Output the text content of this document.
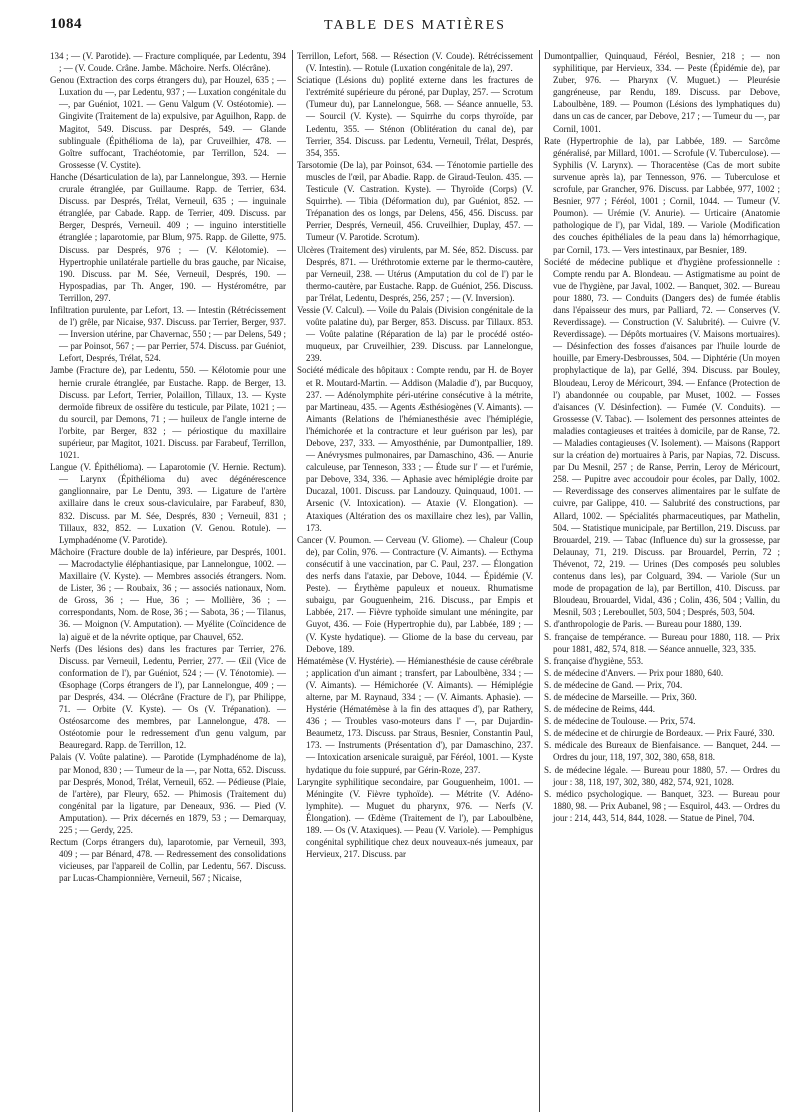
1084	TABLE DES MATIÈRES

134 ; — (V. Parotide). — Fracture compliquée, par Ledentu, 394 ; — (V. Coude. Crâne. Jambe. Mâchoire. Nerfs. Olécrâne).

Genou (Extraction des corps étrangers du), par Houzel, 635 ; — Luxation du —, par Ledentu, 937 ; — Luxation congénitale du —, par Guéniot, 1021. — Genu Valgum (V. Ostéotomie). — Gingivite (Traitement de la) expulsive, par Aguilhon, Rapp. de Magitot, 549. Discuss. par Després, 549. — Glande sublinguale (Épithélioma de la), par Cruveilhier, 478. — Goître suffocant, Trachéotomie, par Terrillon, 524. — Grossesse (V. Cystite).

Hanche (Désarticulation de la), par Lannelongue, 393. — Hernie crurale étranglée, par Guillaume. Rapp. de Terrier, 634. Discuss. par Després, Trélat, Verneuil, 635 ; — inguinale étranglée, par Cabade. Rapp. de Terrier, 409. Discuss. par Berger, Després, Verneuil. 409 ; — inguino interstitielle étranglée ; laparotomie, par Blum, 975. Rapp. de Gilette, 975. Discuss. par Després, 976 ; — (V. Kélotomie). — Hypertrophie unilatérale partielle du bras gauche, par Nicaise, 190. Discuss. par M. Sée, Verneuil, Després, 190. — Hypospadias, par Th. Anger, 190. — Hystérométre, par Terrillon, 297.

Infiltration purulente, par Lefort, 13. — Intestin (Rétrécissement de l') grêle, par Nicaise, 937. Discuss. par Terrier, Berger, 937. — Inversion utérine, par Chavernac, 550 ; — par Delens, 549 ; — par Poinsot, 567 ; — par Perrier, 574. Discuss. par Guéniot, Lefort, Després, Trélat, 524.

Jambe (Fracture de), par Ledentu, 550. — Kélotomie pour une hernie crurale étranglée, par Eustache. Rapp. de Berger, 13. Discuss. par Lefort, Terrier, Polaillon, Tillaux, 13. — Kyste dermoïde fibreux de ossifère du testicule, par Pilate, 1021 ; — du sourcil, par Demons, 71 ; — huileux de l'angle interne de l'orbite, par Berger, 832 ; — périostique du maxillaire supérieur, par Magitot, 1021. Discuss. par Farabeuf, Terrillon, 1021.

Langue (V. Épithélioma). — Laparotomie (V. Hernie. Rectum). — Larynx (Épithélioma du) avec dégénérescence ganglionnaire, par Le Dentu, 393. — Ligature de l'artère axillaire dans le creux sous-claviculaire, par Farabeuf, 830, 832. Discuss. par M. Sée, Després, 830 ; Verneuil, 831 ; Tillaux, 832, 852. — Luxation (V. Genou. Rotule). — Lymphadénome (V. Parotide).

Mâchoire (Fracture double de la) inférieure, par Després, 1001. — Macrodactylie éléphantiasique, par Lannelongue, 1002. — Maxillaire (V. Kyste). — Membres associés étrangers. Nom. de Lister, 36 ; — Roubaix, 36 ; — associés nationaux, Nom. de Gross, 36 ; — Hue, 36 ; — Mollière, 36 ; — correspondants, Nom. de Rose, 36 ; — Sabota, 36 ; — Tilanus, 36. — Moignon (V. Amputation). — Myélite (Coïncidence de la) aiguë et de la névrite optique, par Chauvel, 652.

Nerfs (Des lésions des) dans les fractures par Terrier, 276. Discuss. par Verneuil, Ledentu, Perrier, 277. — Œil (Vice de conformation de l'), par Guéniot, 524 ; — (V. Ténotomie). — Œsophage (Corps étrangers de l'), par Lannelongue, 409 ; — par Després, 434. — Olécrâne (Fracture de l'), par Philippe, 71. — Orbite (V. Kyste). — Os (V. Trépanation). — Ostéosarcome des membres, par Lannelongue, 478. — Ostéotomie pour le redressement d'un genu valgum, par Beauregard. Rapp. de Terrillon, 12.

Palais (V. Voûte palatine). — Parotide (Lymphadénome de la), par Monod, 830 ; — Tumeur de la —, par Notta, 652. Discuss. par Després, Monod, Trélat, Verneuil, 652. — Pédieuse (Plaie, de l'artère), par Fleury, 652. — Phimosis (Traitement du) congénital par la ligature, par Deneaux, 936. — Pied (V. Amputation). — Prix décernés en 1879, 53 ; — Demarquay, 225 ; — Gerdy, 225.

Rectum (Corps étrangers du), laparotomie, par Verneuil, 393, 409 ; — par Bénard, 478. — Redressement des consolidations vicieuses, par l'appareil de Collin, par Ledentu, 567. Discuss. par Lucas-Championnière, Verneuil, 567 ; Nicaise,

Terrillon, Lefort, 568. — Résection (V. Coude). Rétrécissement (V. Intestin). — Rotule (Luxation congénitale de la), 297.

Sciatique (Lésions du) poplité externe dans les fractures de l'extrémité supérieure du péroné, par Duplay, 257. — Scrotum (Tumeur du), par Lannelongue, 568. — Séance annuelle, 53. — Sourcil (V. Kyste). — Squirrhe du corps thyroïde, par Ledentu, 355. — Sténon (Oblitération du canal de), par Terrier, 354. Discuss. par Ledentu, Verneuil, Trélat, Després, 354, 355.

Tarsotomie (De la), par Poinsot, 634. — Ténotomie partielle des muscles de l'œil, par Abadie. Rapp. de Giraud-Teulon. 435. — Testicule (V. Castration. Kyste). — Thyroïde (Corps) (V. Squirrhe). — Tibia (Déformation du), par Guéniot, 852. — Trépanation des os longs, par Delens, 456, 456. Discuss. par Perrier, Després, Verneuil, 456. Cruveilhier, Duplay, 457. — Tumeur (V. Parotide. Scrotum).

Ulcères (Traitement des) virulents, par M. Sée, 852. Discuss. par Després, 871. — Uréthrotomie externe par le thermo-cautère, par Verneuil, 238. — Utérus (Amputation du col de l') par le thermo-cautère, par Eustache. Rapp. de Guéniot, 256. Discuss. par Trélat, Ledentu, Després, 256, 257 ; — (V. Inversion).

Vessie (V. Calcul). — Voile du Palais (Division congénitale de la voûte palatine du), par Berger, 853. Discuss. par Tillaux. 853. — Voûte palatine (Réparation de la) par le procédé ostéo-muqueux, par Cruveilhier, 239. Discuss. par Lannelongue, 239.

Société médicale des hôpitaux : Compte rendu, par H. de Boyer et R. Moutard-Martin. — Addison (Maladie d'), par Bucquoy, 237. — Adénolymphite péri-utérine consécutive à la métrite, par Martineau, 435. — Agents Æsthésiogènes (V. Aimants). — Aimants (Relations de l'hémianesthésie avec l'hémiplégie, l'hémichorée et la contracture et leur guérison par les), par Debove, 237, 333. — Amyosthénie, par Dumontpallier, 189. — Anévrysmes pulmonaires, par Damaschino, 436. — Anurie calculeuse, par Tenneson, 333 ; — Étude sur l' — et l'urémie, par Debove, 334, 336. — Aphasie avec hémiplégie droite par Ducazal, 1001. Discuss. par Landouzy. Quinquaud, 1001. — Arsenic (V. Intoxication). — Ataxie (V. Elongation). — Ataxiques (Altération des os maxillaire chez les), par Vallin, 173.

Cancer (V. Poumon. — Cerveau (V. Gliome). — Chaleur (Coup de), par Colin, 976. — Contracture (V. Aimants). — Ecthyma consécutif à une vaccination, par C. Paul, 237. — Élongation des nerfs dans l'ataxie, par Debove, 1044. — Épidémie (V. Peste). — Érythème papuleux et noueux. Rhumatisme subaigu, par Gouguenheim, 216. Discuss., par Empis et Labbée, 217. — Fièvre typhoïde simulant une méningite, par Guyot, 436. — Foie (Hypertrophie du), par Labbée, 189 ; — (V. Kyste hydatique). — Gliome de la base du cerveau, par Debove, 189.

Hématémèse (V. Hystérie). — Hémianesthésie de cause cérébrale ; application d'un aimant ; transfert, par Laboulbène, 334 ; — (V. Aimants). — Hémichorée (V. Aimants). — Hémiplégie alterne, par M. Raynaud, 334 ; — (V. Aimants. Aphasie). — Hystérie (Hématémèse à la fin des attaques d'), par Rathery, 436 ; — Troubles vaso-moteurs dans l' —, par Dujardin-Beaumetz, 173. Discuss. par Straus, Besnier, Constantin Paul, 173. — Instruments (Présentation d'), par Damaschino, 237. — Intoxication arsenicale suraiguë, par Féréol, 1001. — Kyste hydatique du foie suppuré, par Gérin-Roze, 237.

Laryngite syphilitique secondaire, par Gouguenheim, 1001. — Méningite (V. Fièvre typhoïde). — Métrite (V. Adéno-lymphite). — Muguet du pharynx, 976. — Nerfs (V. Élongation). — Œdème (Traitement de l'), par Laboulbène, 189. — Os (V. Ataxiques). — Peau (V. Variole). — Pemphigus congénital syphilitique chez deux nouveaux-nés jumeaux, par Hervieux, 217. Discuss. par

Dumontpallier, Quinquaud, Féréol, Besnier, 218 ; — non syphilitique, par Hervieux, 334. — Peste (Épidémie de), par Zuber, 976. — Pharynx (V. Muguet.) — Pleurésie gangréneuse, par Rendu, 189. Discuss. par Debove, Laboulbène, 189. — Poumon (Lésions des lymphatiques du) dans un cas de cancer, par Debove, 217 ; — Tumeur du —, par Cornil, 1001.

Rate (Hypertrophie de la), par Labbée, 189. — Sarcôme généralisé, par Millard, 1001. — Scrofule (V. Tuberculose). — Syphilis (V. Larynx). — Thoracentèse (Cas de mort subite survenue après la), par Tennesson, 976. — Tuberculose et scrofule, par Grancher, 976. Discuss. par Labbée, 977, 1002 ; Besnier, 977 ; Féréol, 1001 ; Cornil, 1044. — Tumeur (V. Poumon). — Urémie (V. Anurie). — Urticaire (Anatomie pathologique de l'), par Vidal, 189. — Variole (Modification des couches épithéliales de la peau dans la) hémorrhagique, par Cornil, 173. — Vers intestinaux, par Besnier, 189.

Société de médecine publique et d'hygiène professionnelle : Compte rendu par A. Blondeau. — Astigmatisme au point de vue de l'hygiène, par Javal, 1002. — Banquet, 302. — Bureau pour 1880, 73. — Conduits (Dangers des) de fumée établis dans l'épaisseur des murs, par Palliard, 72. — Conserves (V. Reverdissage). — Construction (V. Salubrité). — Cuivre (V. Reverdissage). — Dépôts mortuaires (V. Maisons mortuaires). — Désinfection des fosses d'aisances par l'huile lourde de houille, par Emery-Desbrousses, 504. — Diphtérie (Un moyen prophylactique de la), par Gellé, 394. Discuss. par Bouley, Bloudeau, Leroy de Méricourt, 394. — Enfance (Protection de l') abandonnée ou coupable, par Muset, 1002. — Fosses d'aisances (V. Désinfection). — Fumée (V. Conduits). — Grossesse (V. Tabac). — Isolement des personnes atteintes de maladies contagieuses et traitées à domicile, par de Ranse, 72. — Maladies contagieuses (V. Isolement). — Maisons (Rapport sur la création de) mortuaires à Paris, par Napias, 72. Discuss. par Du Mesnil, 257 ; de Ranse, Perrin, Leroy de Méricourt, 258. — Pupitre avec accoudoir pour écoles, par Dally, 1002. — Reverdissage des conserves alimentaires par le sulfate de cuivre, par Galippe, 410. — Salubrité des constructions, par Allard, 1002. — Spécialités pharmaceutiques, par Mathelin, 504. — Statistique municipale, par Bertillon, 219. Discuss. par Brouardel, 219. — Tabac (Influence du) sur la grossesse, par Delaunay, 71, 219. Discuss. par Brouardel, Perrin, 72 ; Thévenot, 72, 219. — Urines (Des composés peu solubles contenus dans les), par Colguard, 394. — Variole (Sur un mode de propagation de la), par Bertillon, 410. Discuss. par Bloudeau, Brouardel, Vidal, 436 ; Colin, 436, 504 ; Vallin, du Mesnil, 503 ; Lereboullet, 503, 504 ; Després, 503, 504.

S. d'anthropologie de Paris. — Bureau pour 1880, 139.

S. française de tempérance. — Bureau pour 1880, 118. — Prix pour 1881, 482, 574, 818. — Séance annuelle, 323, 335.

S. française d'hygiène, 553.

S. de médecine d'Anvers. — Prix pour 1880, 640.

S. de médecine de Gand. — Prix, 704.

S. de médecine de Marseille. — Prix, 360.

S. de médecine de Reims, 444.

S. de médecine de Toulouse. — Prix, 574.

S. de médecine et de chirurgie de Bordeaux. — Prix Fauré, 330.

S. médicale des Bureaux de Bienfaisance. — Banquet, 244. — Ordres du jour, 118, 197, 302, 380, 658, 818.

S. de médecine légale. — Bureau pour 1880, 57. — Ordres du jour : 38, 118, 197, 302, 380, 482, 574, 921, 1028.

S. médico psychologique. — Banquet, 323. — Bureau pour 1880, 98. — Prix Aubanel, 98 ; — Esquirol, 443. — Ordres du jour : 214, 443, 514, 844, 1028. — Statue de Pinel, 704.
